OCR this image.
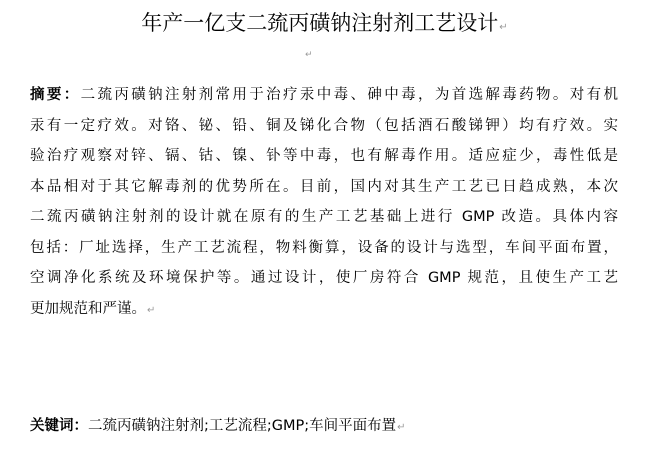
年产一亿支二巯丙磺钠注射剂工艺设计↵
↵
摘要：二巯丙磺钠注射剂常用于治疗汞中毒、砷中毒，为首选解毒药物。对有机
汞有一定疗效。对铬、铋、铅、铜及锑化合物（包括酒石酸锑钾）均有疗效。实
验治疗观察对锌、镉、钴、镍、钋等中毒，也有解毒作用。适应症少，毒性低是
本品相对于其它解毒剂的优势所在。目前，国内对其生产工艺已日趋成熟，本次
二巯丙磺钠注射剂的设计就在原有的生产工艺基础上进行 GMP 改造。具体内容
包括：厂址选择，生产工艺流程，物料衡算，设备的设计与选型，车间平面布置，
空调净化系统及环境保护等。通过设计，使厂房符合 GMP 规范，且使生产工艺
更加规范和严谨。↵
关键词：二巯丙磺钠注射剂;工艺流程;GMP;车间平面布置↵
